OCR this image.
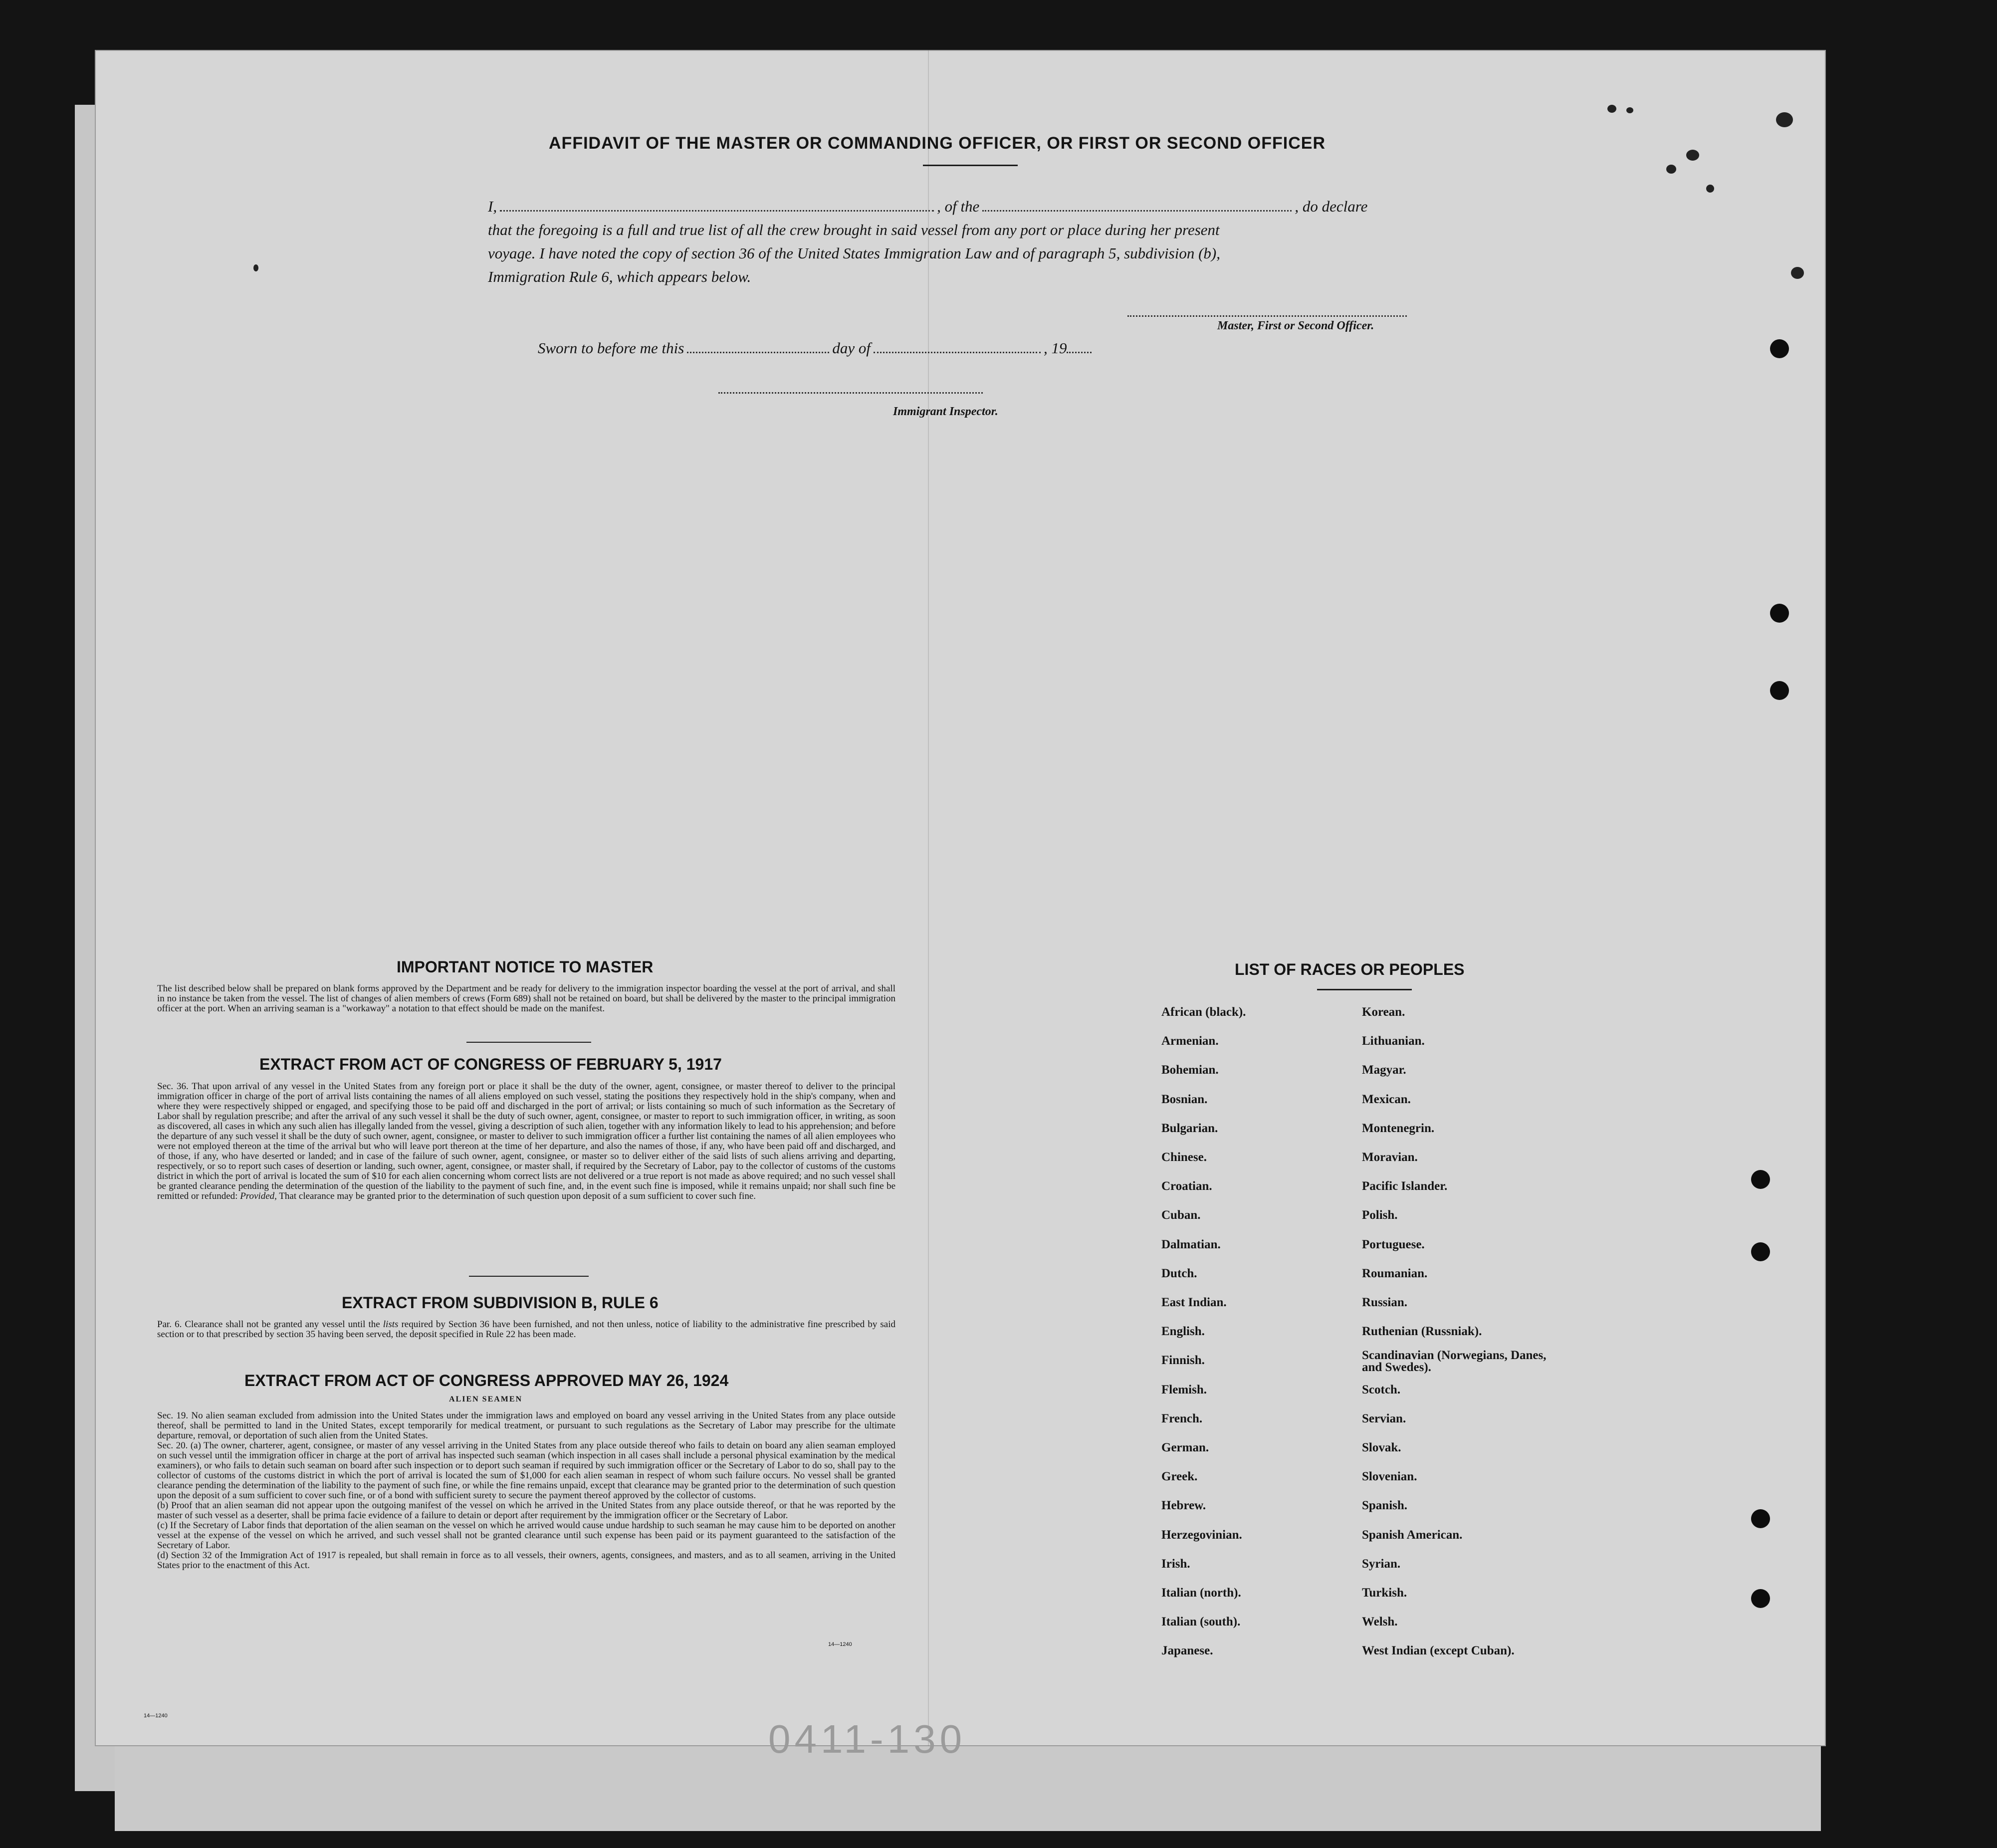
AFFIDAVIT OF THE MASTER OR COMMANDING OFFICER, OR FIRST OR SECOND OFFICER
I,	, of the	, do declare
that the foregoing is a full and true list of all the crew brought in said vessel from any port or place during her present
voyage. I have noted the copy of section 36 of the United States Immigration Law and of paragraph 5, subdivision (b),
Immigration Rule 6, which appears below.
Master, First or Second Officer.
Sworn to before me this	day of	, 19
Immigrant Inspector.
IMPORTANT NOTICE TO MASTER
The list described below shall be prepared on blank forms approved by the Department and be ready for delivery to the immigration inspector boarding the vessel at the port of arrival, and shall in no instance be taken from the vessel. The list of changes of alien members of crews (Form 689) shall not be retained on board, but shall be delivered by the master to the principal immigration officer at the port. When an arriving seaman is a "workaway" a notation to that effect should be made on the manifest.
EXTRACT FROM ACT OF CONGRESS OF FEBRUARY 5, 1917
Sec. 36. That upon arrival of any vessel in the United States from any foreign port or place it shall be the duty of the owner, agent, consignee, or master thereof to deliver to the principal immigration officer in charge of the port of arrival lists containing the names of all aliens employed on such vessel, stating the positions they respectively hold in the ship's company, when and where they were respectively shipped or engaged, and specifying those to be paid off and discharged in the port of arrival; or lists containing so much of such information as the Secretary of Labor shall by regulation prescribe; and after the arrival of any such vessel it shall be the duty of such owner, agent, consignee, or master to report to such immigration officer, in writing, as soon as discovered, all cases in which any such alien has illegally landed from the vessel, giving a description of such alien, together with any information likely to lead to his apprehension; and before the departure of any such vessel it shall be the duty of such owner, agent, consignee, or master to deliver to such immigration officer a further list containing the names of all alien employees who were not employed thereon at the time of the arrival but who will leave port thereon at the time of her departure, and also the names of those, if any, who have been paid off and discharged, and of those, if any, who have deserted or landed; and in case of the failure of such owner, agent, consignee, or master so to deliver either of the said lists of such aliens arriving and departing, respectively, or so to report such cases of desertion or landing, such owner, agent, consignee, or master shall, if required by the Secretary of Labor, pay to the collector of customs of the customs district in which the port of arrival is located the sum of $10 for each alien concerning whom correct lists are not delivered or a true report is not made as above required; and no such vessel shall be granted clearance pending the determination of the question of the liability to the payment of such fine, and, in the event such fine is imposed, while it remains unpaid; nor shall such fine be remitted or refunded: Provided, That clearance may be granted prior to the determination of such question upon deposit of a sum sufficient to cover such fine.
EXTRACT FROM SUBDIVISION B, RULE 6
Par. 6. Clearance shall not be granted any vessel until the lists required by Section 36 have been furnished, and not then unless, notice of liability to the administrative fine prescribed by said section or to that prescribed by section 35 having been served, the deposit specified in Rule 22 has been made.
EXTRACT FROM ACT OF CONGRESS APPROVED MAY 26, 1924
ALIEN SEAMEN
Sec. 19. No alien seaman excluded from admission into the United States under the immigration laws and employed on board any vessel arriving in the United States from any place outside thereof, shall be permitted to land in the United States, except temporarily for medical treatment, or pursuant to such regulations as the Secretary of Labor may prescribe for the ultimate departure, removal, or deportation of such alien from the United States.
Sec. 20. (a) The owner, charterer, agent, consignee, or master of any vessel arriving in the United States from any place outside thereof who fails to detain on board any alien seaman employed on such vessel until the immigration officer in charge at the port of arrival has inspected such seaman (which inspection in all cases shall include a personal physical examination by the medical examiners), or who fails to detain such seaman on board after such inspection or to deport such seaman if required by such immigration officer or the Secretary of Labor to do so, shall pay to the collector of customs of the customs district in which the port of arrival is located the sum of $1,000 for each alien seaman in respect of whom such failure occurs. No vessel shall be granted clearance pending the determination of the liability to the payment of such fine, or while the fine remains unpaid, except that clearance may be granted prior to the determination of such question upon the deposit of a sum sufficient to cover such fine, or of a bond with sufficient surety to secure the payment thereof approved by the collector of customs.
(b) Proof that an alien seaman did not appear upon the outgoing manifest of the vessel on which he arrived in the United States from any place outside thereof, or that he was reported by the master of such vessel as a deserter, shall be prima facie evidence of a failure to detain or deport after requirement by the immigration officer or the Secretary of Labor.
(c) If the Secretary of Labor finds that deportation of the alien seaman on the vessel on which he arrived would cause undue hardship to such seaman he may cause him to be deported on another vessel at the expense of the vessel on which he arrived, and such vessel shall not be granted clearance until such expense has been paid or its payment guaranteed to the satisfaction of the Secretary of Labor.
(d) Section 32 of the Immigration Act of 1917 is repealed, but shall remain in force as to all vessels, their owners, agents, consignees, and masters, and as to all seamen, arriving in the United States prior to the enactment of this Act.
14—1240
14—1240
LIST OF RACES OR PEOPLES
African (black).
Armenian.
Bohemian.
Bosnian.
Bulgarian.
Chinese.
Croatian.
Cuban.
Dalmatian.
Dutch.
East Indian.
English.
Finnish.
Flemish.
French.
German.
Greek.
Hebrew.
Herzegovinian.
Irish.
Italian (north).
Italian (south).
Japanese.
Korean.
Lithuanian.
Magyar.
Mexican.
Montenegrin.
Moravian.
Pacific Islander.
Polish.
Portuguese.
Roumanian.
Russian.
Ruthenian (Russniak).
Scandinavian (Norwegians, Danes, and Swedes).
Scotch.
Servian.
Slovak.
Slovenian.
Spanish.
Spanish American.
Syrian.
Turkish.
Welsh.
West Indian (except Cuban).
0411-130
